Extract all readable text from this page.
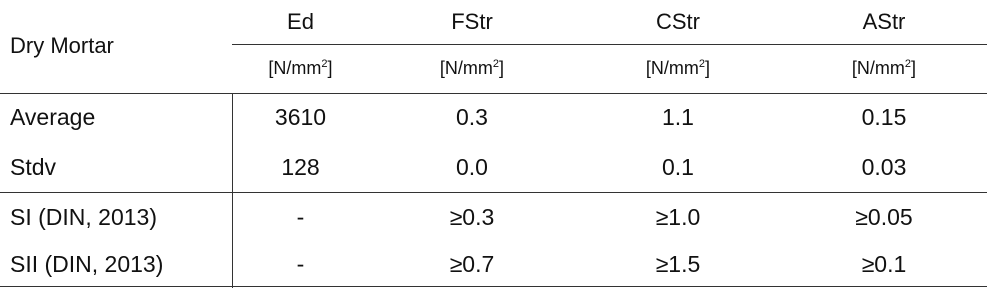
Dry Mortar	Ed	FStr	CStr	AStr
	$[N/mm^2]$	$[N/mm^2]$	$[N/mm^2]$	$[N/mm^2]$
Average	3610	0.3	1.1	0.15
Stdv	128	0.0	0.1	0.03
SI (DIN, 2013)	-	≥0.3	≥1.0	≥0.05
SII (DIN, 2013)	-	≥0.7	≥1.5	≥0.1
